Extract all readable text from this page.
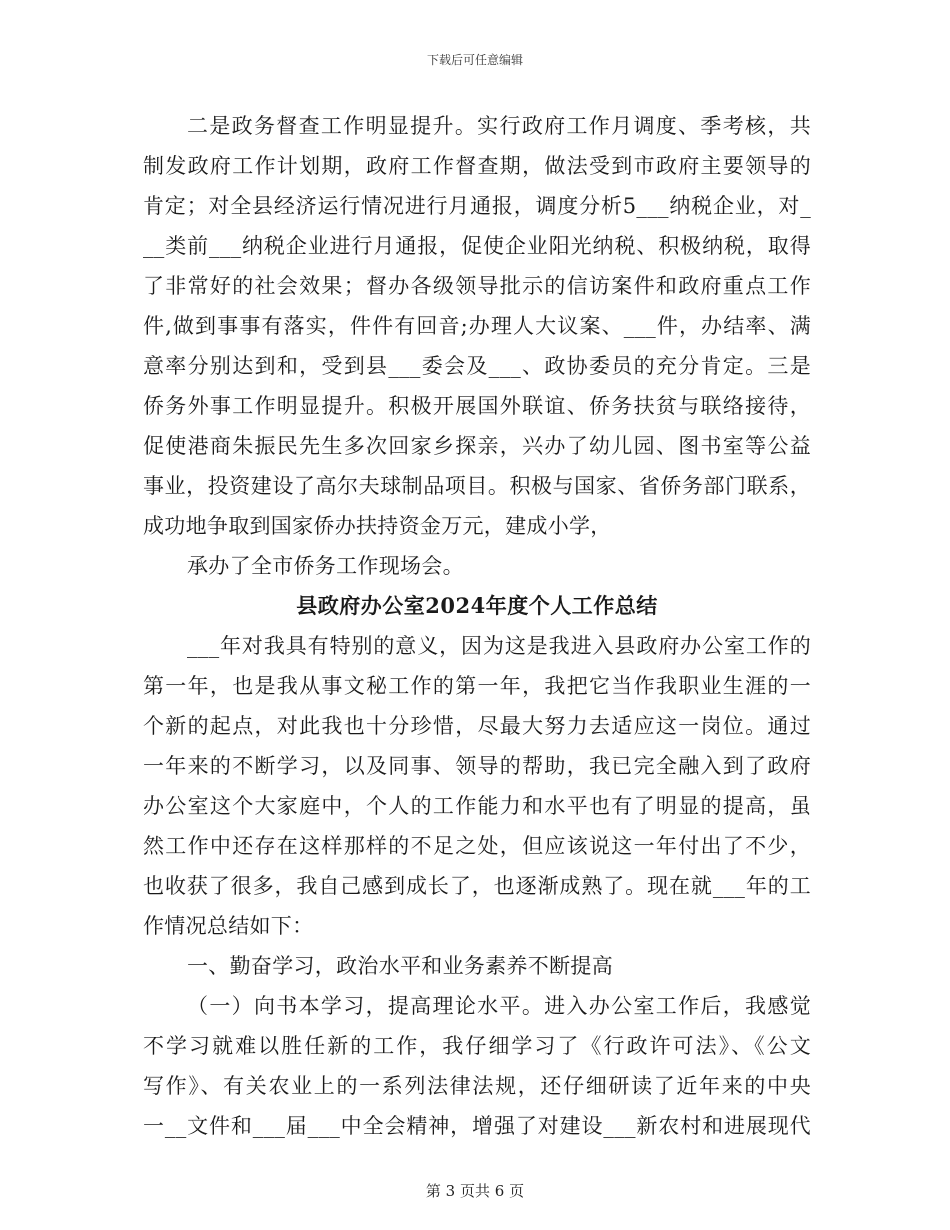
下载后可任意编辑

二是政务督查工作明显提升。实行政府工作月调度、季考核，共

制发政府工作计划期，政府工作督查期，做法受到市政府主要领导的

肯定；对全县经济运行情况进行月通报，调度分析5___纳税企业，对_

__类前___纳税企业进行月通报，促使企业阳光纳税、积极纳税，取得

了非常好的社会效果；督办各级领导批示的信访案件和政府重点工作

件,做到事事有落实，件件有回音;办理人大议案、___件，办结率、满

意率分别达到和，受到县___委会及___、政协委员的充分肯定。三是

侨务外事工作明显提升。积极开展国外联谊、侨务扶贫与联络接待，

促使港商朱振民先生多次回家乡探亲，兴办了幼儿园、图书室等公益

事业，投资建设了高尔夫球制品项目。积极与国家、省侨务部门联系，

成功地争取到国家侨办扶持资金万元，建成小学，

承办了全市侨务工作现场会。

县政府办公室2024年度个人工作总结

___年对我具有特别的意义，因为这是我进入县政府办公室工作的

第一年，也是我从事文秘工作的第一年，我把它当作我职业生涯的一

个新的起点，对此我也十分珍惜，尽最大努力去适应这一岗位。通过

一年来的不断学习，以及同事、领导的帮助，我已完全融入到了政府

办公室这个大家庭中，个人的工作能力和水平也有了明显的提高，虽

然工作中还存在这样那样的不足之处，但应该说这一年付出了不少，

也收获了很多，我自己感到成长了，也逐渐成熟了。现在就___年的工

作情况总结如下：

一、勤奋学习，政治水平和业务素养不断提高

（一）向书本学习，提高理论水平。进入办公室工作后，我感觉

不学习就难以胜任新的工作，我仔细学习了《行政许可法》、《公文

写作》、有关农业上的一系列法律法规，还仔细研读了近年来的中央

一__文件和___届___中全会精神，增强了对建设___新农村和进展现代

第 3 页共 6 页
